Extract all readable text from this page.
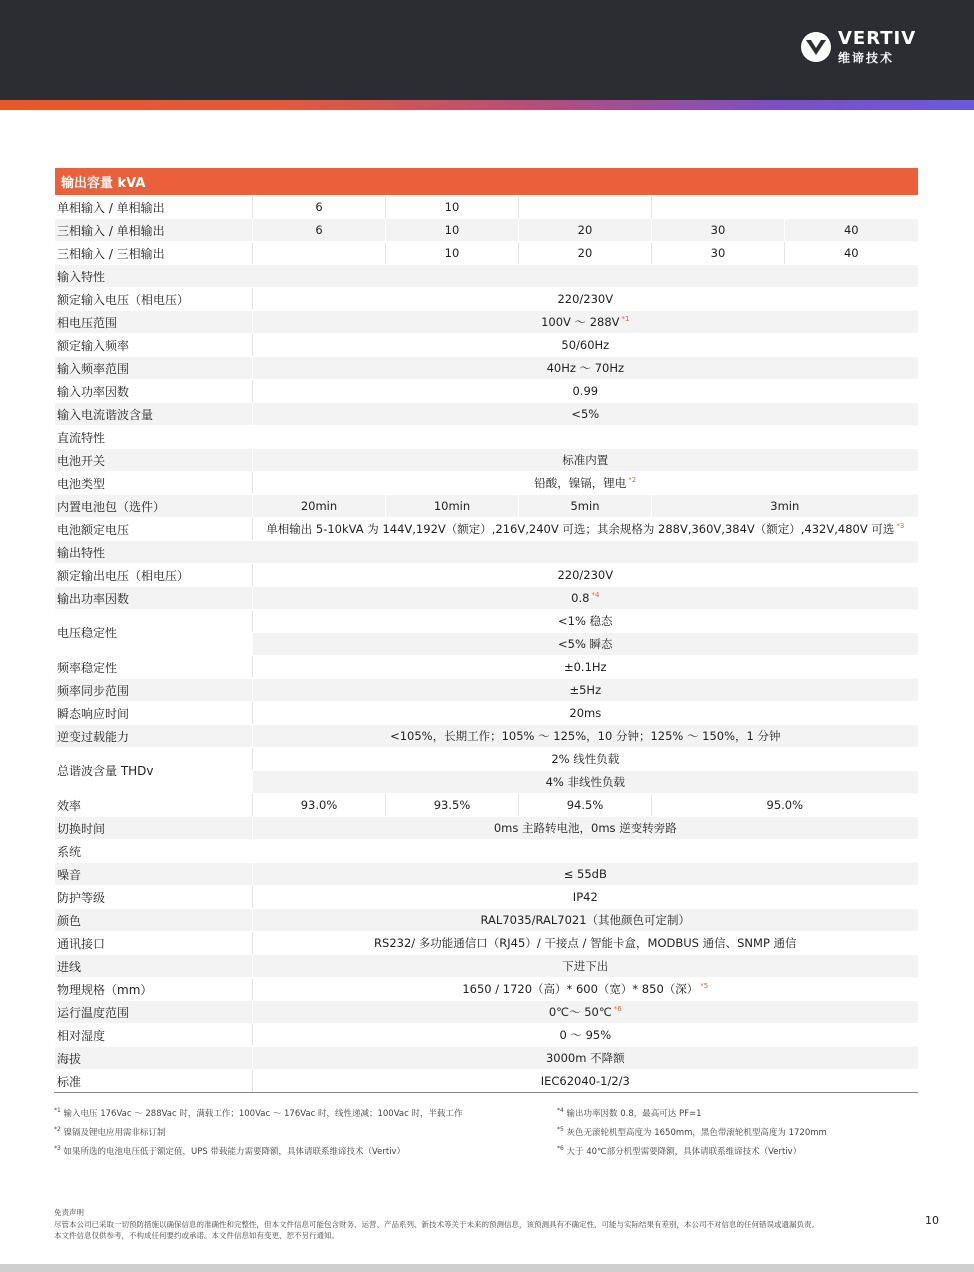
VERTIV
维谛技术
输出容量 kVA					
单相输入 / 单相输出	6	10			
三相输入 / 单相输出	6	10	20	30	40
三相输入 / 三相输出		10	20	30	40
输入特性					
额定输入电压（相电压）	220/230V				
相电压范围	100V 〜 288V $^{*1}$
额定输入频率	50/60Hz				
输入频率范围	40Hz 〜 70Hz				
输入功率因数	0.99				
输入电流谐波含量	<5%				
直流特性					
电池开关	标准内置				
电池类型	铅酸，镍镉，锂电 $^{*2}$
内置电池包（选件）	20min	10min	5min	3min	
电池额定电压	单相输出 5-10kVA 为 144V,192V（额定）,216V,240V 可选；其余规格为 288V,360V,384V（额定）,432V,480V 可选 $^{*3}$
输出特性					
额定输出电压（相电压）	220/230V				
输出功率因数	0.8 $^{*4}$
电压稳定性	<1% 稳态				
	<5% 瞬态				
频率稳定性	±0.1Hz				
频率同步范围	±5Hz				
瞬态响应时间	20ms				
逆变过载能力	<105%，长期工作；105% 〜 125%，10 分钟；125% 〜 150%，1 分钟				
总谐波含量 THDv	2% 线性负载				
	4% 非线性负载				
效率	93.0%	93.5%	94.5%	95.0%	
切换时间	0ms 主路转电池，0ms 逆变转旁路				
系统					
噪音	≤ 55dB				
防护等级	IP42				
颜色	RAL7035/RAL7021（其他颜色可定制）				
通讯接口	RS232/ 多功能通信口（RJ45）/ 干接点 / 智能卡盒，MODBUS 通信、SNMP 通信				
进线	下进下出				
物理规格（mm）	1650 / 1720（高）* 600（宽）* 850（深） $^{*5}$
运行温度范围	0℃〜 50℃ $^{*6}$
相对湿度	0 〜 95%				
海拔	3000m 不降额				
标准	IEC62040-1/2/3				
$^{*1}$ 输入电压 176Vac 〜 288Vac 时，满载工作；100Vac 〜 176Vac 时，线性递减；100Vac 时，半载工作
$^{*2}$ 镍镉及锂电应用需非标订制
$^{*3}$ 如果所选的电池电压低于额定值，UPS 带载能力需要降额，具体请联系维谛技术（Vertiv）
$^{*4}$ 输出功率因数 0.8，最高可达 PF=1
$^{*5}$ 灰色无滚轮机型高度为 1650mm，黑色带滚轮机型高度为 1720mm
$^{*6}$ 大于 40℃部分机型需要降额，具体请联系维谛技术（Vertiv）
免责声明
尽管本公司已采取一切预防措施以确保信息的准确性和完整性，但本文件信息可能包含财务、运营、产品系列、新技术等关于未来的预测信息，该预测具有不确定性，可能与实际结果有差别，本公司不对信息的任何错误或遗漏负责。
本文件信息仅供参考，不构成任何要约或承诺。本文件信息如有变更，恕不另行通知。
10
